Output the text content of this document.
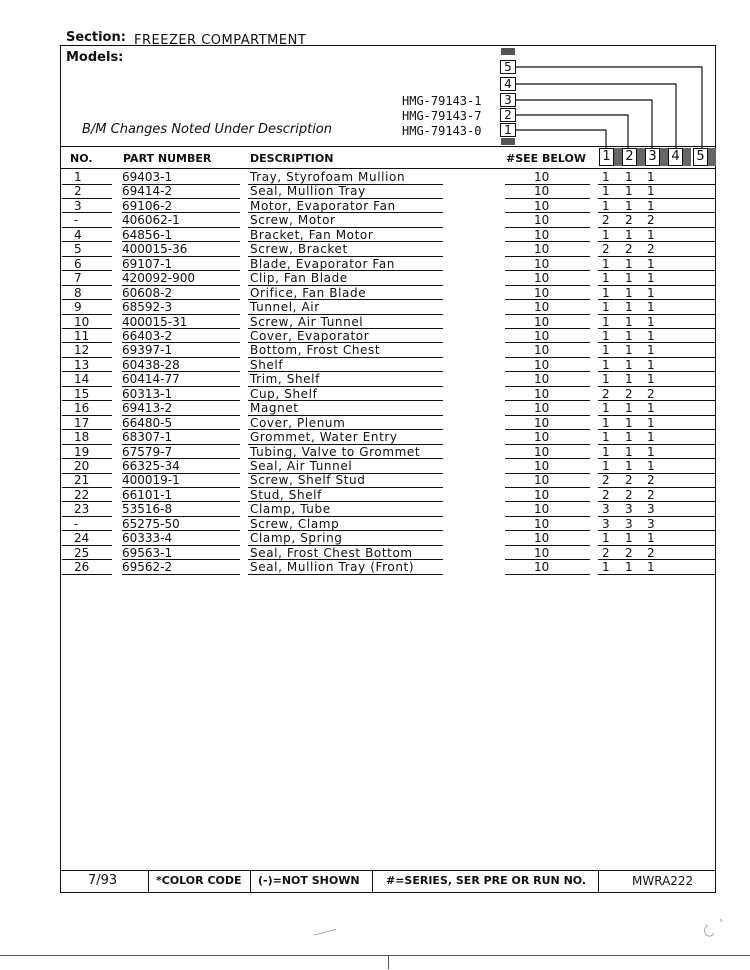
Section: FREEZER COMPARTMENT
Models:
B/M Changes Noted Under Description
HMG-79143-1
HMG-79143-7
HMG-79143-0
5
4
3
2
1
NO.	PART NUMBER	DESCRIPTION	#SEE BELOW 1 2 3 4 5
1	69403-1	Tray, Styrofoam Mullion	10	1 1 1
2	69414-2	Seal, Mullion Tray	10	1 1 1
3	69106-2	Motor, Evaporator Fan	10	1 1 1
-	406062-1	Screw, Motor	10	2 2 2
4	64856-1	Bracket, Fan Motor	10	1 1 1
5	400015-36	Screw, Bracket	10	2 2 2
6	69107-1	Blade, Evaporator Fan	10	1 1 1
7	420092-900	Clip, Fan Blade	10	1 1 1
8	60608-2	Orifice, Fan Blade	10	1 1 1
9	68592-3	Tunnel, Air	10	1 1 1
10	400015-31	Screw, Air Tunnel	10	1 1 1
11	66403-2	Cover, Evaporator	10	1 1 1
12	69397-1	Bottom, Frost Chest	10	1 1 1
13	60438-28	Shelf	10	1 1 1
14	60414-77	Trim, Shelf	10	1 1 1
15	60313-1	Cup, Shelf	10	2 2 2
16	69413-2	Magnet	10	1 1 1
17	66480-5	Cover, Plenum	10	1 1 1
18	68307-1	Grommet, Water Entry	10	1 1 1
19	67579-7	Tubing, Valve to Grommet	10	1 1 1
20	66325-34	Seal, Air Tunnel	10	1 1 1
21	400019-1	Screw, Shelf Stud	10	2 2 2
22	66101-1	Stud, Shelf	10	2 2 2
23	53516-8	Clamp, Tube	10	3 3 3
-	65275-50	Screw, Clamp	10	3 3 3
24	60333-4	Clamp, Spring	10	1 1 1
25	69563-1	Seal, Frost Chest Bottom	10	2 2 2
26	69562-2	Seal, Mullion Tray (Front)	10	1 1 1
7/93	*COLOR CODE (-)=NOT SHOWN #=SERIES, SER PRE OR RUN NO.	MWRA222
